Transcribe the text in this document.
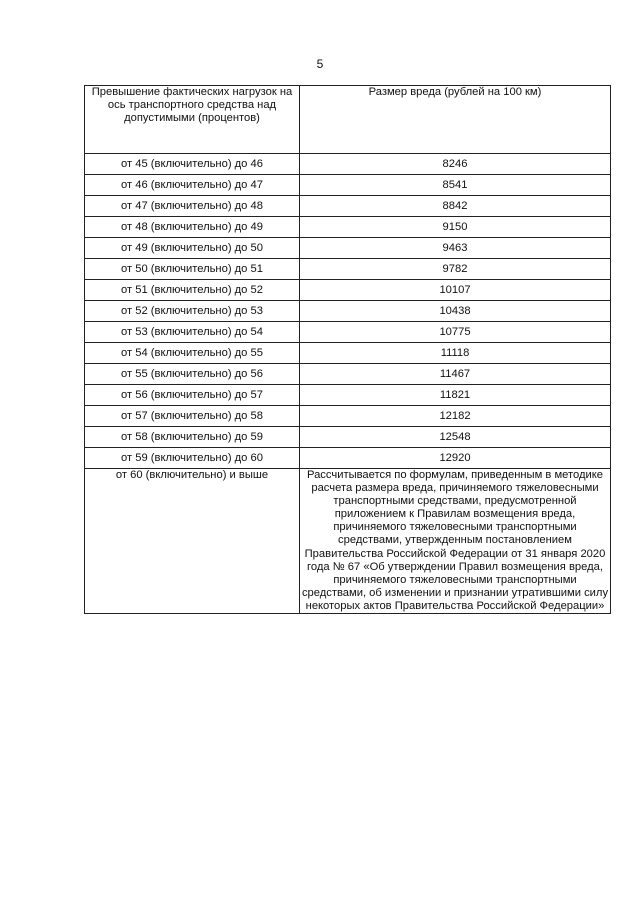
5
Превышение фактических нагрузок на ось транспортного средства над допустимыми (процентов)	Размер вреда (рублей на 100 км)
от 45 (включительно) до 46	8246
от 46 (включительно) до 47	8541
от 47 (включительно) до 48	8842
от 48 (включительно) до 49	9150
от 49 (включительно) до 50	9463
от 50 (включительно) до 51	9782
от 51 (включительно) до 52	10107
от 52 (включительно) до 53	10438
от 53 (включительно) до 54	10775
от 54 (включительно) до 55	11118
от 55 (включительно) до 56	11467
от 56 (включительно) до 57	11821
от 57 (включительно) до 58	12182
от 58 (включительно) до 59	12548
от 59 (включительно) до 60	12920
от 60 (включительно) и выше	Рассчитывается по формулам, приведенным в методике расчета размера вреда, причиняемого тяжеловесными транспортными средствами, предусмотренной приложением к Правилам возмещения вреда, причиняемого тяжеловесными транспортными средствами, утвержденным постановлением Правительства Российской Федерации от 31 января 2020 года № 67 «Об утверждении Правил возмещения вреда, причиняемого тяжеловесными транспортными средствами, об изменении и признании утратившими силу некоторых актов Правительства Российской Федерации»
